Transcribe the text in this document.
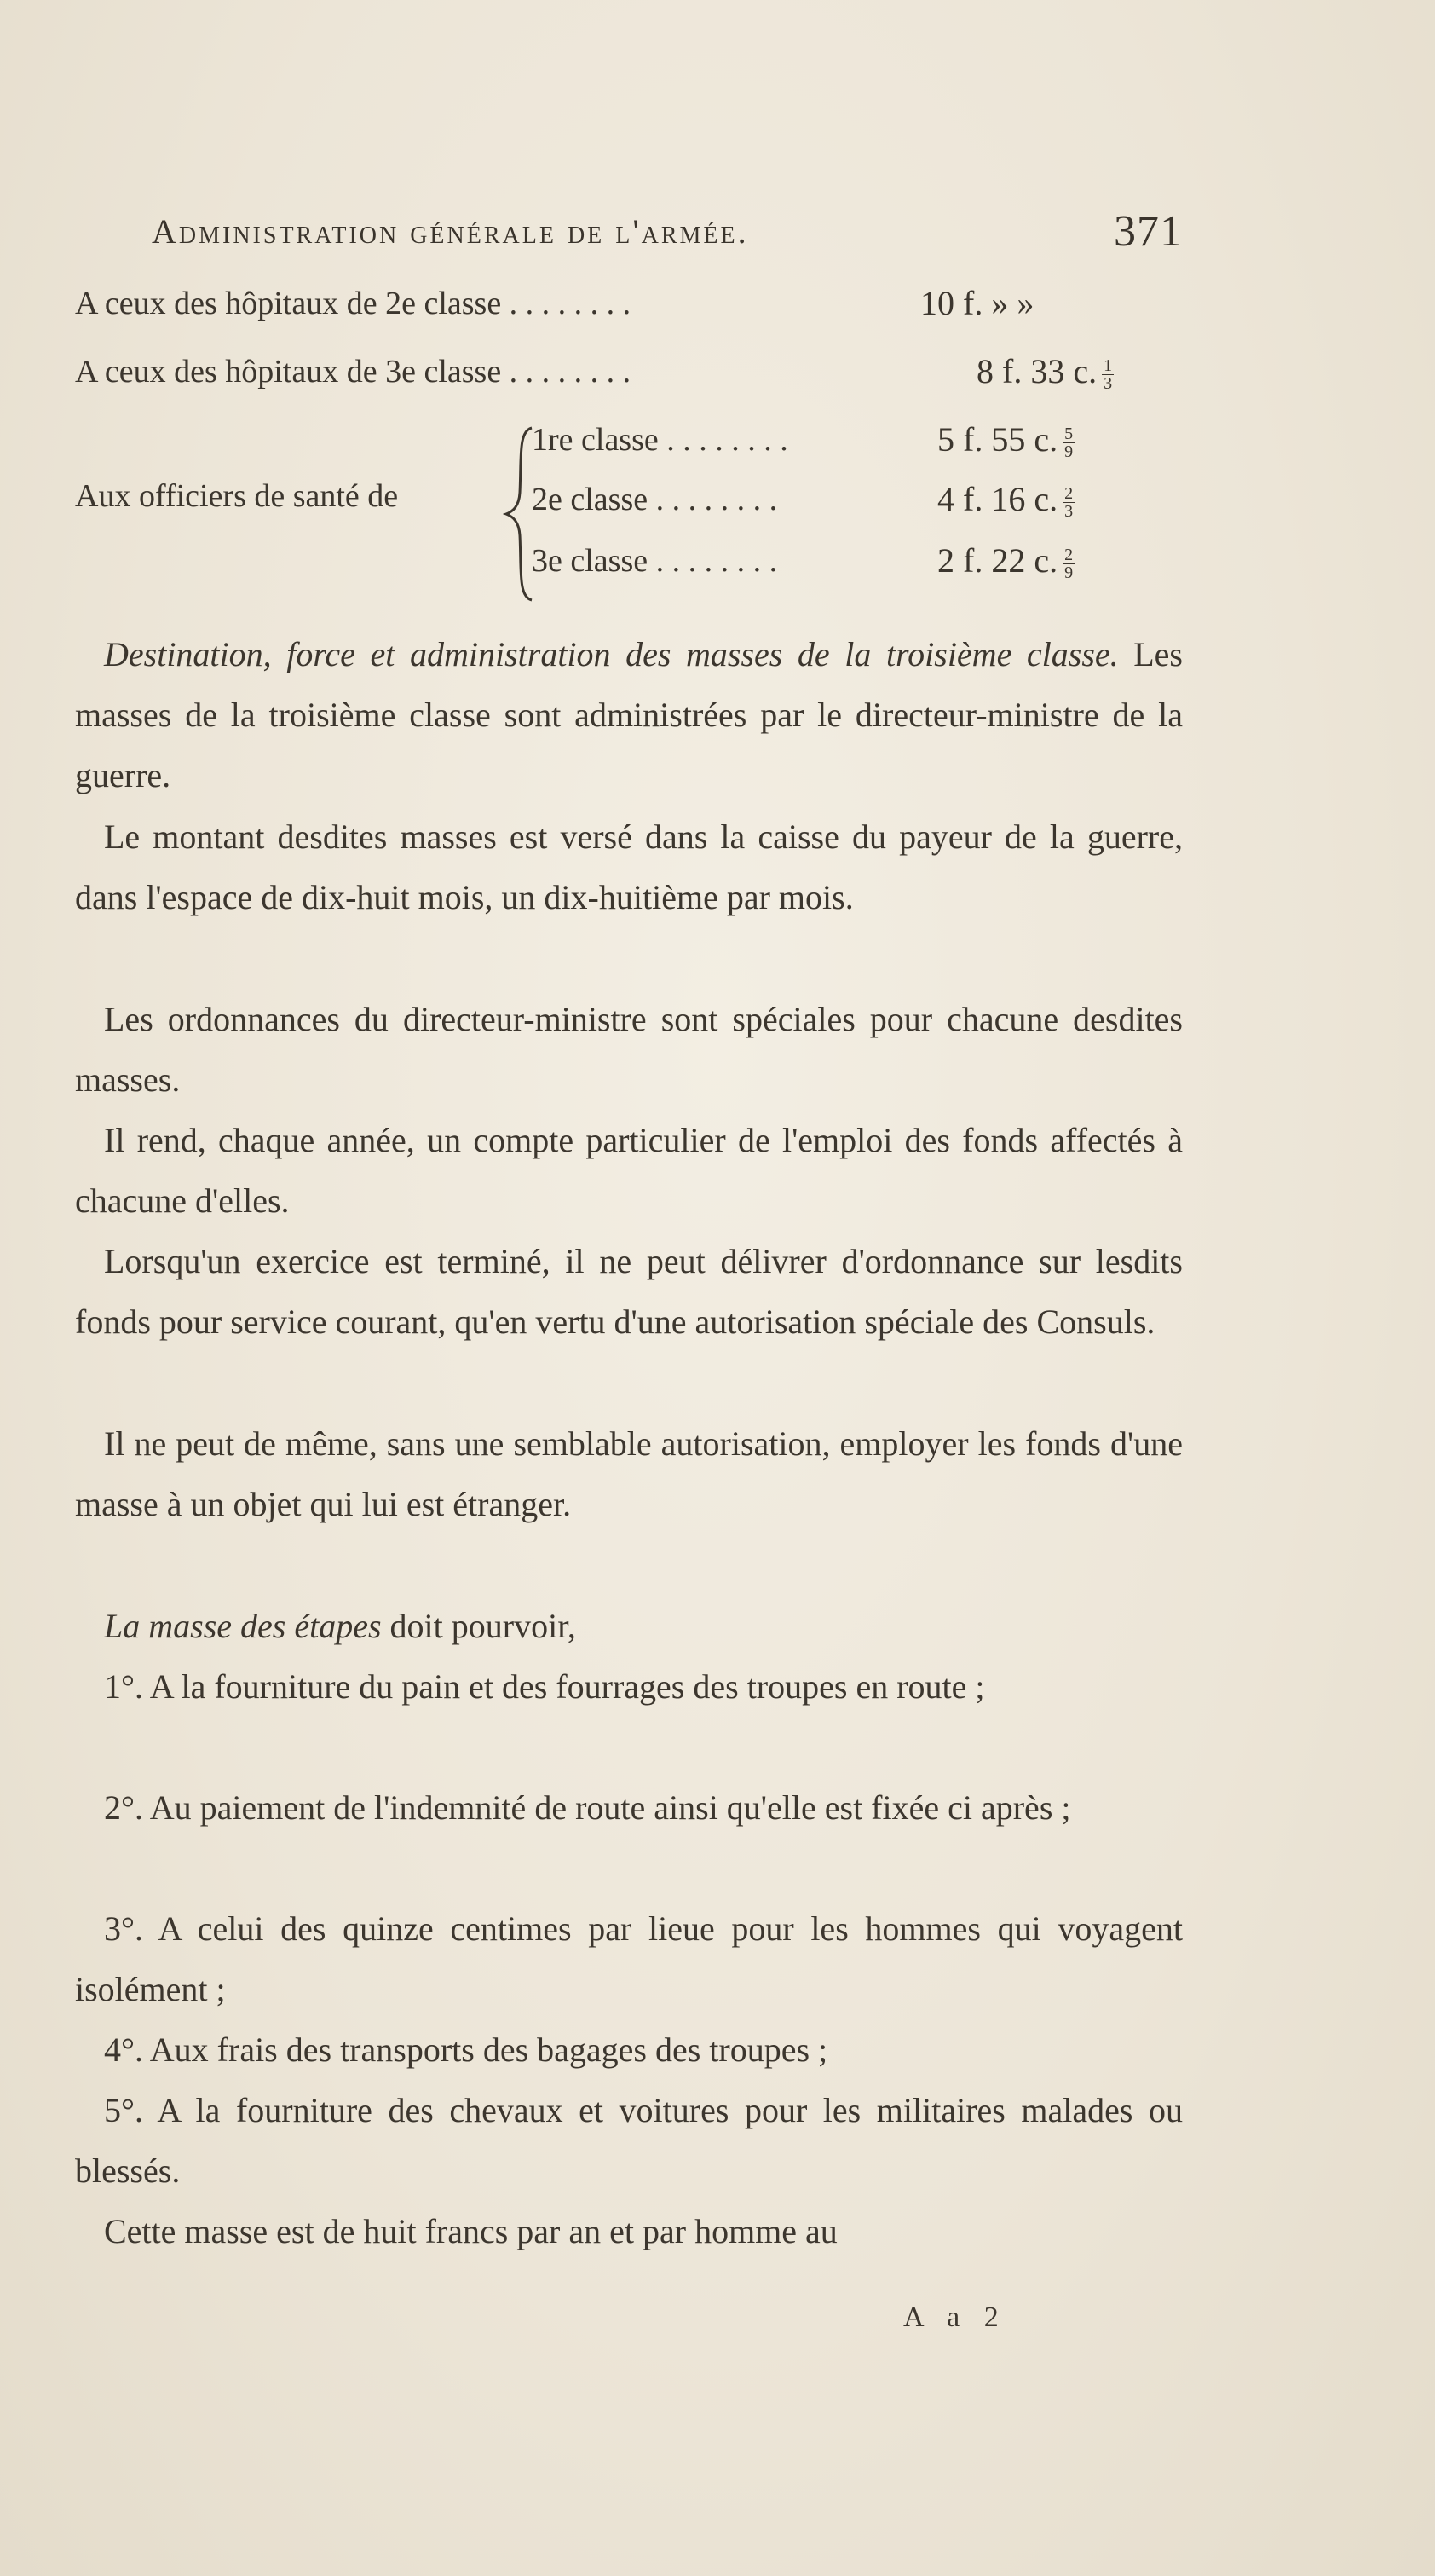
Administration générale de l'armée.	371
A ceux des hôpitaux de 2e classe . . . . . . . .	10 f. » »
A ceux des hôpitaux de 3e classe . . . . . . . .	8 f. 33 c. $\frac{1}{3}$
Aux officiers de santé de
1re classe . . . . . . . .	5 f. 55 c. $\frac{5}{9}$
2e classe . . . . . . . .	4 f. 16 c. $\frac{2}{3}$
3e classe . . . . . . . .	2 f. 22 c. $\frac{2}{9}$
Destination, force et administration des masses de la troisième classe. Les masses de la troisième classe sont administrées par le directeur-ministre de la guerre.
Le montant desdites masses est versé dans la caisse du payeur de la guerre, dans l'espace de dix-huit mois, un dix-huitième par mois.
Les ordonnances du directeur-ministre sont spéciales pour chacune desdites masses.
Il rend, chaque année, un compte particulier de l'emploi des fonds affectés à chacune d'elles.
Lorsqu'un exercice est terminé, il ne peut délivrer d'ordonnance sur lesdits fonds pour service courant, qu'en vertu d'une autorisation spéciale des Consuls.
Il ne peut de même, sans une semblable autorisation, employer les fonds d'une masse à un objet qui lui est étranger.
La masse des étapes doit pourvoir,
1°. A la fourniture du pain et des fourrages des troupes en route ;
2°. Au paiement de l'indemnité de route ainsi qu'elle est fixée ci après ;
3°. A celui des quinze centimes par lieue pour les hommes qui voyagent isolément ;
4°. Aux frais des transports des bagages des troupes ;
5°. A la fourniture des chevaux et voitures pour les militaires malades ou blessés.
Cette masse est de huit francs par an et par homme au
A a 2
